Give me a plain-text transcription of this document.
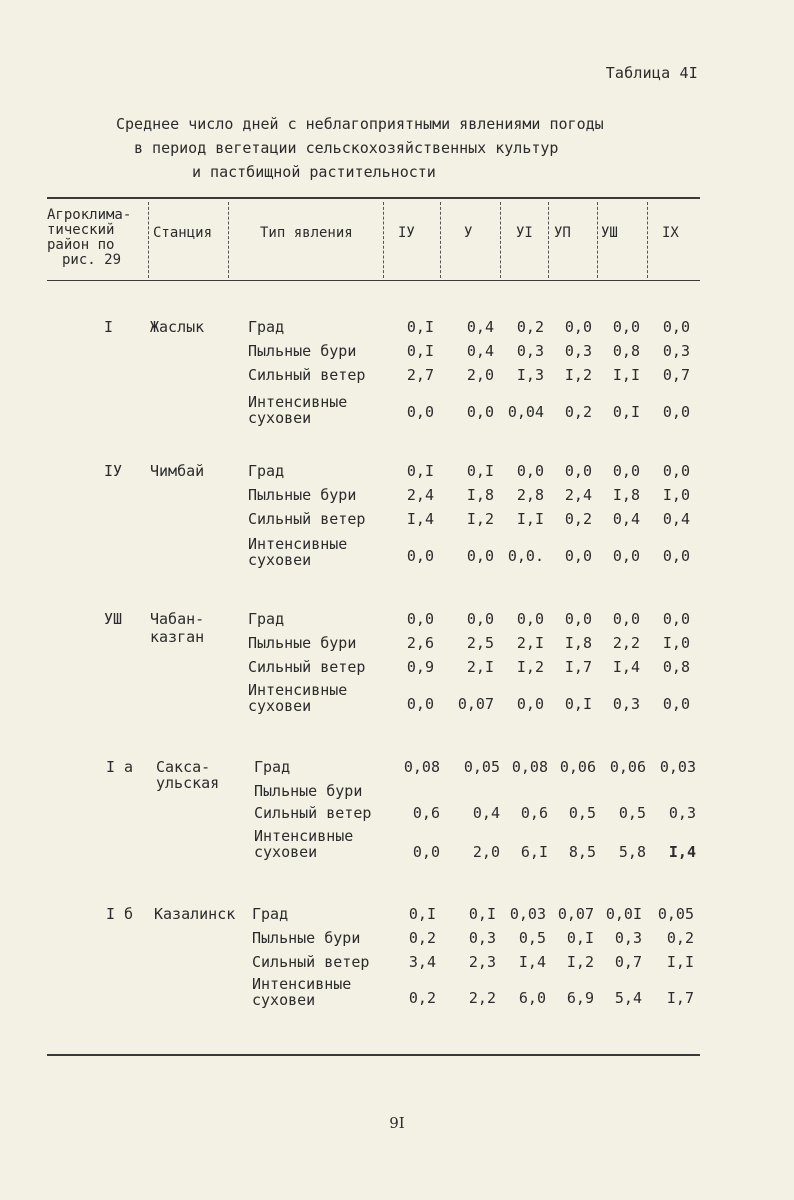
Таблица 4I
Среднее число дней с неблагоприятными явлениями погоды
в период вегетации сельскохозяйственных культур
и пастбищной растительности
Агроклима-
тический
район по
рис. 29
Станция	Тип явления	IУ	У	УI УП УШ	IX
I Жаслык	Град	0,I	0,4	0,2	0,0	0,0	0,0
Пыльные бури	0,I	0,4	0,3	0,3	0,8	0,3
Сильный ветер	2,7	2,0	I,3	I,2	I,I	0,7
Интенсивные
суховеи	0,0	0,0 0,04	0,2	0,I	0,0
IУ Чимбай	Град	0,I	0,I	0,0	0,0	0,0	0,0
Пыльные бури	2,4	I,8	2,8	2,4	I,8	I,0
Сильный ветер	I,4	I,2	I,I	0,2	0,4	0,4
Интенсивные
суховеи	0,0	0,0 0,0.	0,0	0,0	0,0
УШ Чабан-	Град	0,0	0,0	0,0	0,0	0,0	0,0
казган	Пыльные бури	2,6	2,5	2,I	I,8	2,2	I,0
Сильный ветер	0,9	2,I	I,2	I,7	I,4	0,8
Интенсивные
суховеи	0,0	0,07	0,0	0,I	0,3	0,0
I а Сакса-	Град	0,08	0,05 0,08 0,06 0,06 0,03
ульская Пыльные бури
Сильный ветер	0,6	0,4	0,6	0,5	0,5	0,3
Интенсивные
суховеи	0,0	2,0	6,I	8,5	5,8	I,4
I б Казалинск Град	0,I	0,I 0,03 0,07 0,0I	0,05
Пыльные бури	0,2	0,3	0,5	0,I	0,3	0,2
Сильный ветер	3,4	2,3	I,4	I,2	0,7	I,I
Интенсивные
суховеи	0,2	2,2	6,0	6,9	5,4	I,7
9I
